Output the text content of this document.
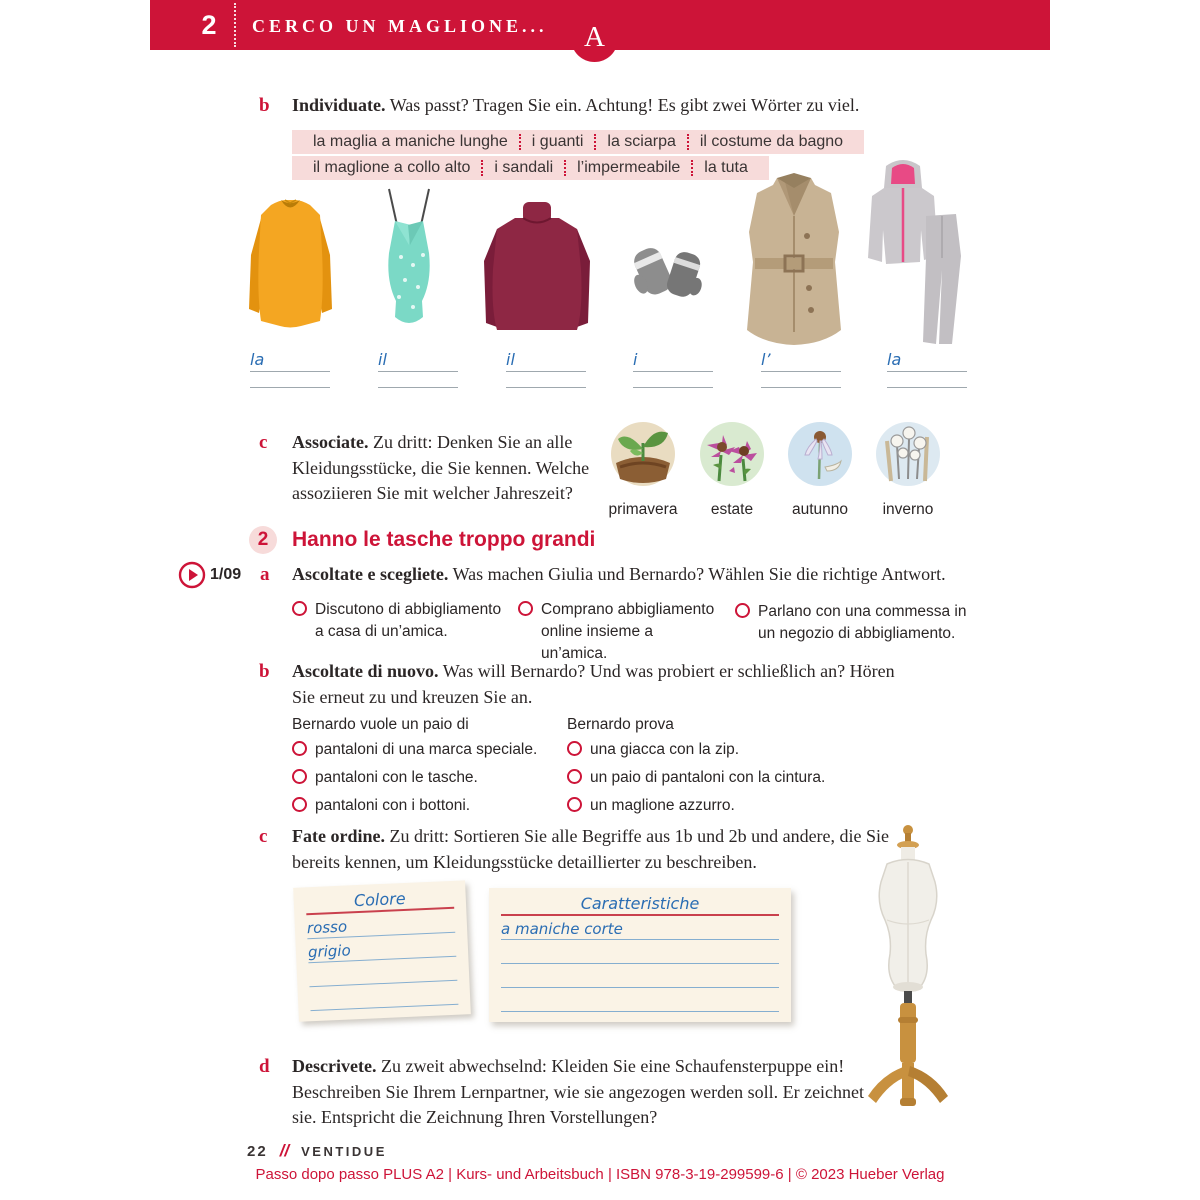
2	CERCO UN MAGLIONE...	A
b Individuate. Was passt? Tragen Sie ein. Achtung! Es gibt zwei Wörter zu viel.
la maglia a maniche lunghe	i guanti	la sciarpa	il costume da bagno
il maglione a collo alto	i sandali	l’impermeabile	la tuta
la	il	il	i	l’	la
c Associate. Zu dritt: Denken Sie an alle Kleidungsstücke, die Sie kennen. Welche assoziieren Sie mit welcher Jahreszeit?
primavera	estate	autunno	inverno
2	Hanno le tasche troppo grandi
1/09 a Ascoltate e scegliete. Was machen Giulia und Bernardo? Wählen Sie die richtige Antwort.
Discutono di abbigliamento a casa di un’amica.
Comprano abbigliamento online insieme a un’amica.
Parlano con una commessa in un negozio di abbigliamento.
b Ascoltate di nuovo. Was will Bernardo? Und was probiert er schließlich an? Hören Sie erneut zu und kreuzen Sie an.
Bernardo vuole un paio di
pantaloni di una marca speciale.
pantaloni con le tasche.
pantaloni con i bottoni.
Bernardo prova
una giacca con la zip.
un paio di pantaloni con la cintura.
un maglione azzurro.
c Fate ordine. Zu dritt: Sortieren Sie alle Begriffe aus 1b und 2b und andere, die Sie bereits kennen, um Kleidungsstücke detaillierter zu beschreiben.
Colore
rosso
grigio
Caratteristiche
a maniche corte
d Descrivete. Zu zweit abwechselnd: Kleiden Sie eine Schaufensterpuppe ein! Beschreiben Sie Ihrem Lernpartner, wie sie angezogen werden soll. Er zeichnet sie. Entspricht die Zeichnung Ihren Vorstellungen?
22 // VENTIDUE
Passo dopo passo PLUS A2 | Kurs- und Arbeitsbuch | ISBN 978-3-19-299599-6 | © 2023 Hueber Verlag
